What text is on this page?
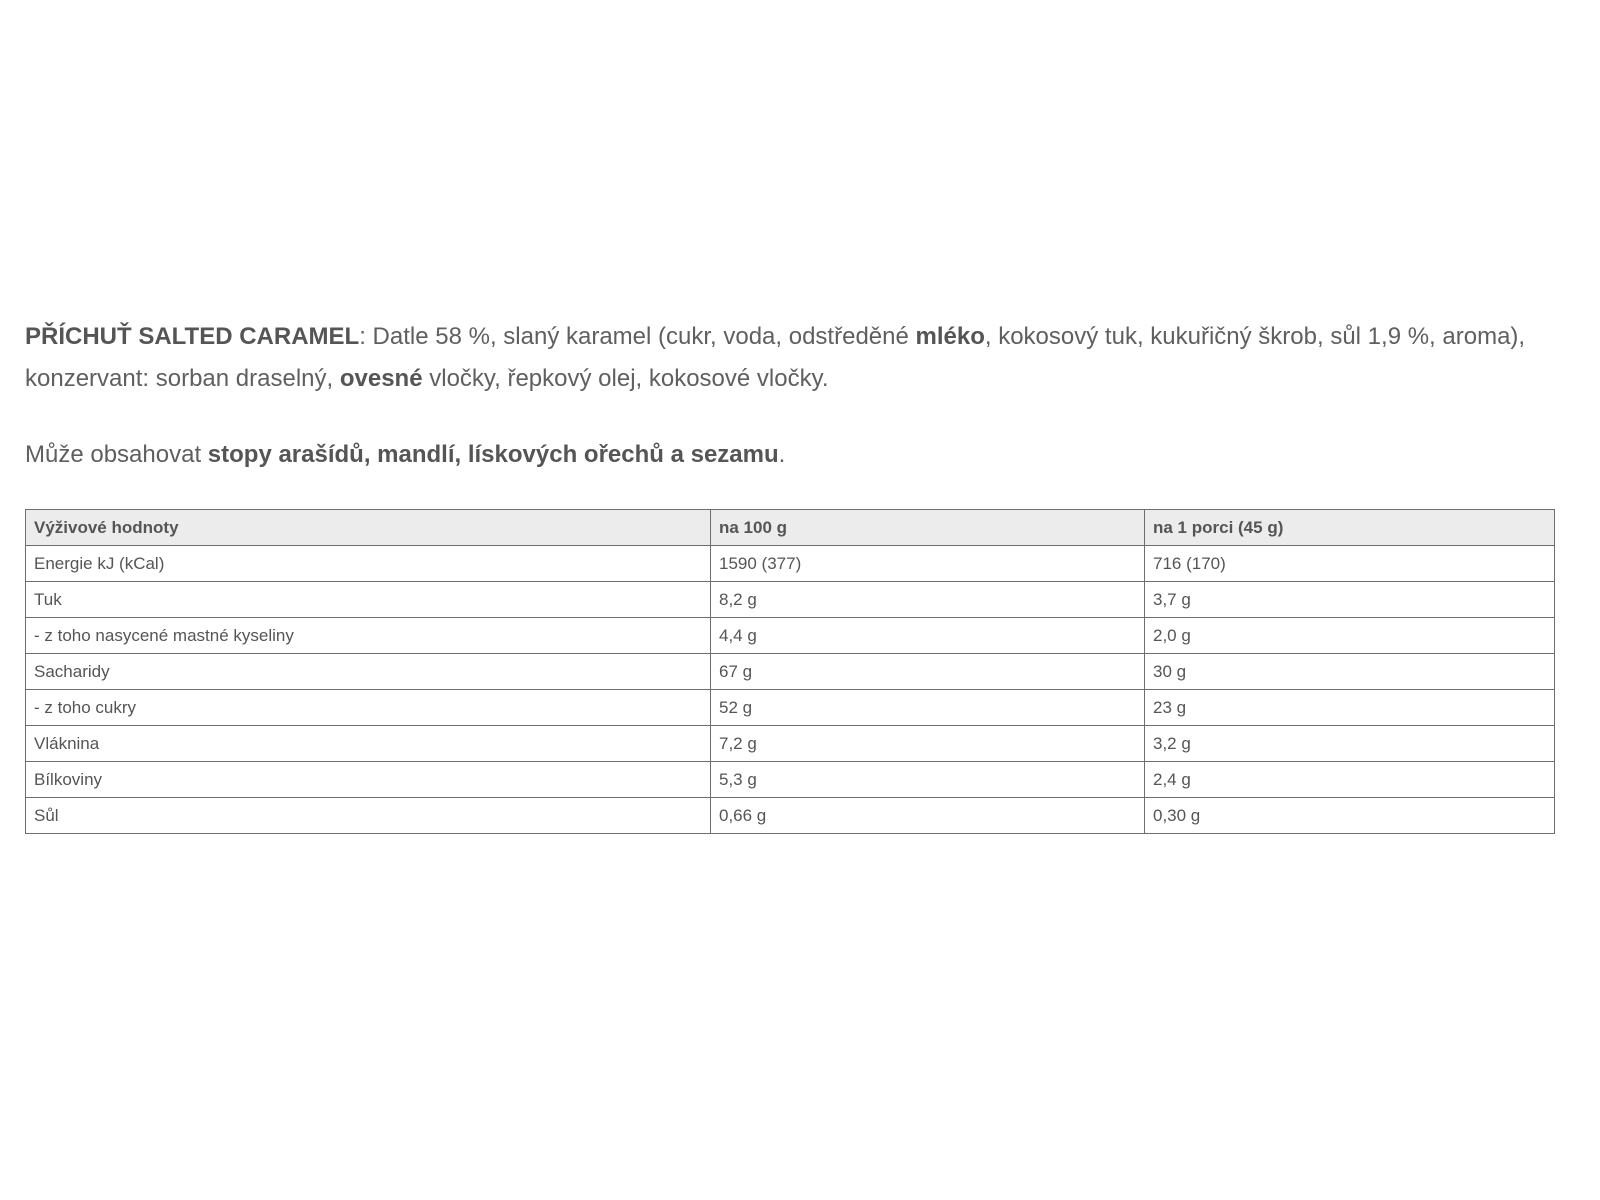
PŘÍCHUŤ SALTED CARAMEL: Datle 58 %, slaný karamel (cukr, voda, odstředěné mléko, kokosový tuk, kukuřičný škrob, sůl 1,9 %, aroma), konzervant: sorban draselný, ovesné vločky, řepkový olej, kokosové vločky.

Může obsahovat stopy arašídů, mandlí, lískových ořechů a sezamu.

Výživové hodnoty	na 100 g	na 1 porci (45 g)
Energie kJ (kCal)	1590 (377)	716 (170)
Tuk	8,2 g	3,7 g
- z toho nasycené mastné kyseliny	4,4 g	2,0 g
Sacharidy	67 g	30 g
- z toho cukry	52 g	23 g
Vláknina	7,2 g	3,2 g
Bílkoviny	5,3 g	2,4 g
Sůl	0,66 g	0,30 g
